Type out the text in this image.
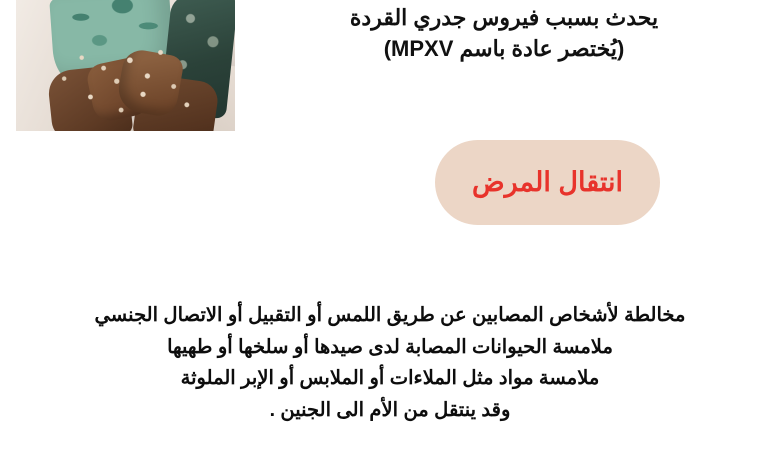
يحدث بسبب فيروس جدري القردة
(يُختصر عادة باسم MPXV)
انتقال المرض
مخالطة لأشخاص المصابين عن طريق اللمس أو التقبيل أو الاتصال الجنسي
ملامسة الحيوانات المصابة لدى صيدها أو سلخها أو طهيها
ملامسة مواد مثل الملاءات أو الملابس أو الإبر الملوثة
وقد ينتقل من الأم الى الجنين .
